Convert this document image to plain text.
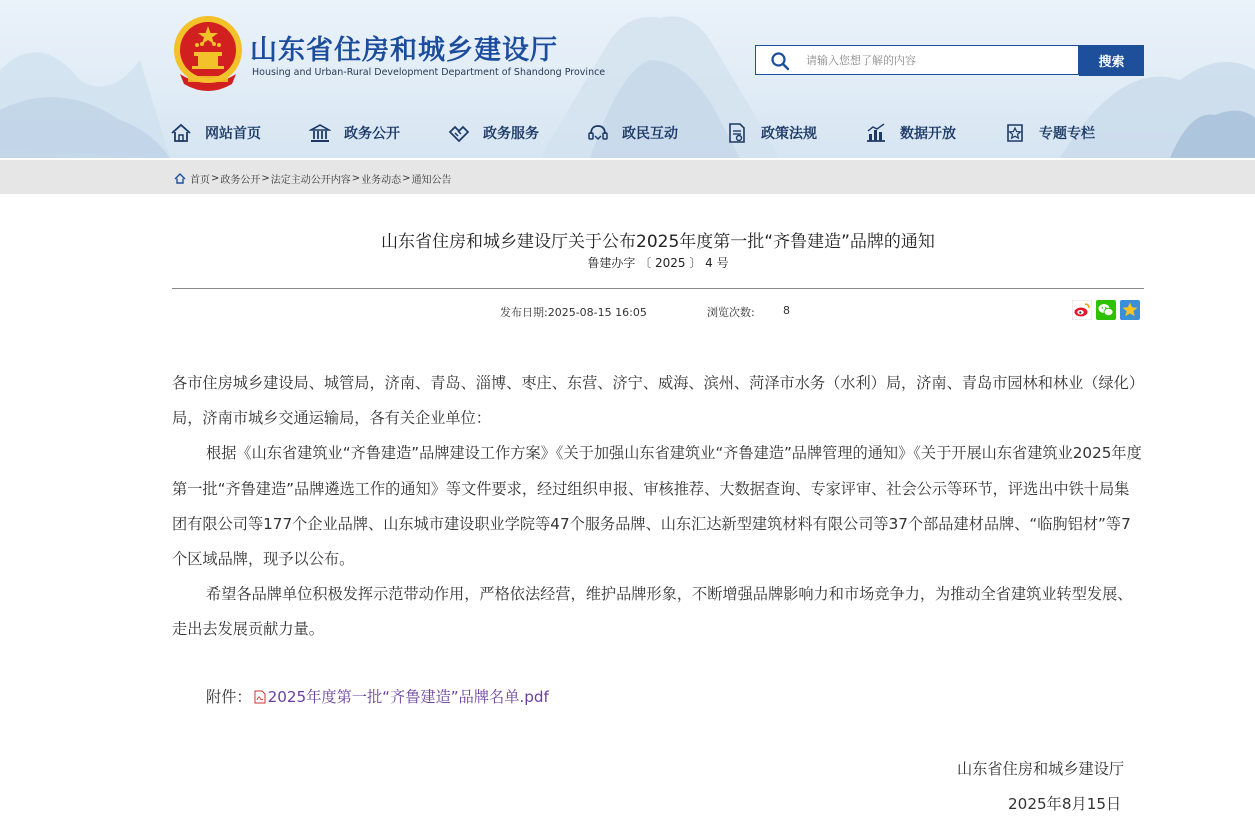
山东省住房和城乡建设厅
Housing and Urban-Rural Development Department of Shandong Province
请输入您想了解的内容
搜索
网站首页	政务公开	政务服务	政民互动	政策法规	数据开放	专题专栏
首页 > 政务公开 > 法定主动公开内容 > 业务动态 > 通知公告
山东省住房和城乡建设厅关于公布2025年度第一批“齐鲁建造”品牌的通知
鲁建办字 〔 2025 〕 4 号
发布日期:2025-08-15 16:05	浏览次数:	8

各市住房城乡建设局、城管局，济南、青岛、淄博、枣庄、东营、济宁、威海、滨州、菏泽市水务（水利）局，济南、青岛市园林和林业（绿化）局，济南市城乡交通运输局，各有关企业单位：

根据《山东省建筑业“齐鲁建造”品牌建设工作方案》《关于加强山东省建筑业“齐鲁建造”品牌管理的通知》《关于开展山东省建筑业2025年度第一批“齐鲁建造”品牌遴选工作的通知》等文件要求，经过组织申报、审核推荐、大数据查询、专家评审、社会公示等环节，评选出中铁十局集团有限公司等177个企业品牌、山东城市建设职业学院等47个服务品牌、山东汇达新型建筑材料有限公司等37个部品建材品牌、“临朐铝材”等7个区域品牌，现予以公布。

希望各品牌单位积极发挥示范带动作用，严格依法经营，维护品牌形象，不断增强品牌影响力和市场竞争力，为推动全省建筑业转型发展、走出去发展贡献力量。

附件： 2025年度第一批“齐鲁建造”品牌名单.pdf
山东省住房和城乡建设厅
2025年8月15日
